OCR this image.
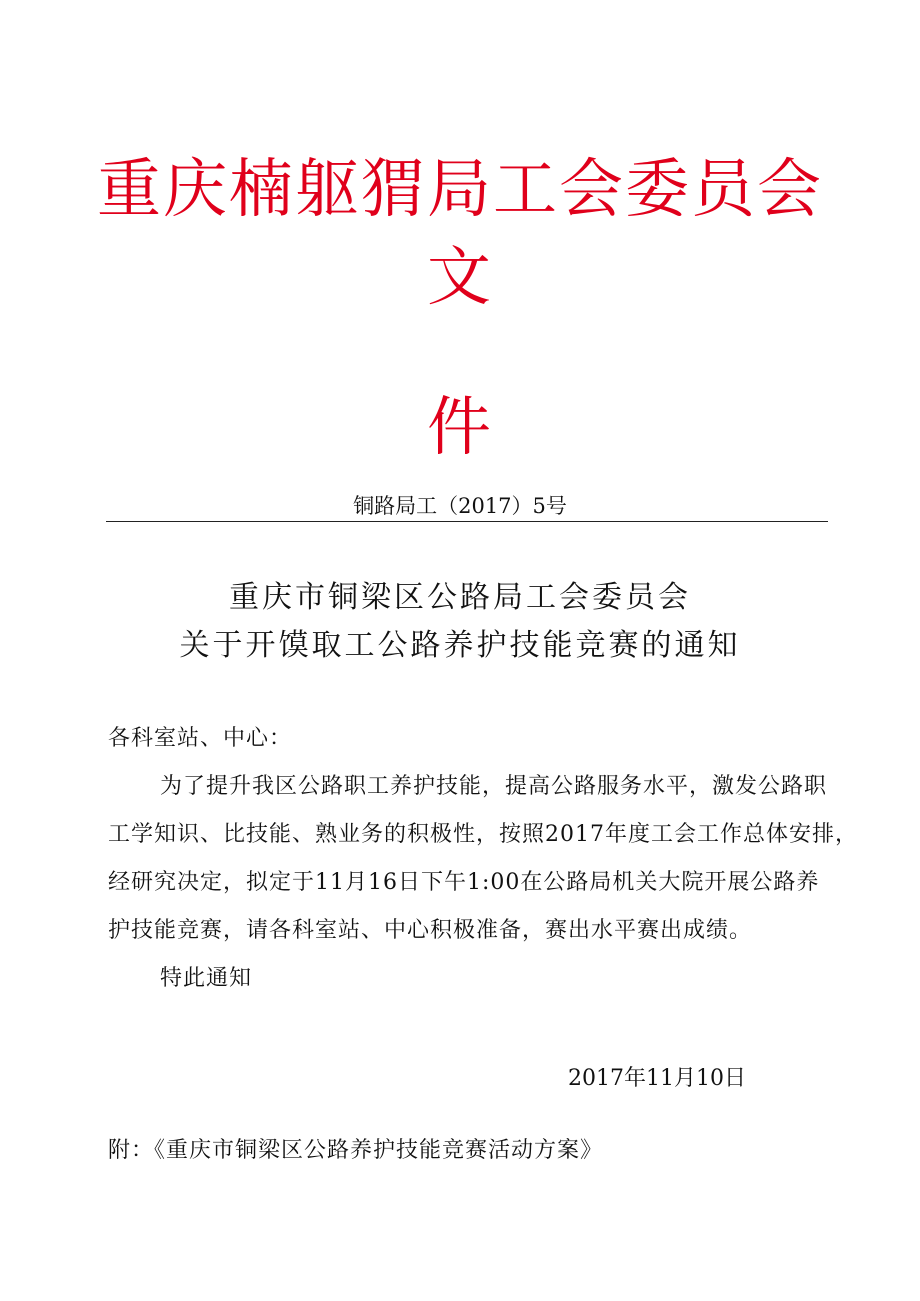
重庆楠躯猬局工会委员会
文
件
铜路局工（2017）5号
重庆市铜梁区公路局工会委员会
关于开馍取工公路养护技能竞赛的通知
各科室站、中心：
为了提升我区公路职工养护技能，提高公路服务水平，激发公路职
工学知识、比技能、熟业务的积极性，按照2017年度工会工作总体安排，
经研究决定，拟定于11月16日下午1:00在公路局机关大院开展公路养
护技能竞赛，请各科室站、中心积极准备，赛出水平赛出成绩。
特此通知
2017年11月10日
附：《重庆市铜梁区公路养护技能竞赛活动方案》
